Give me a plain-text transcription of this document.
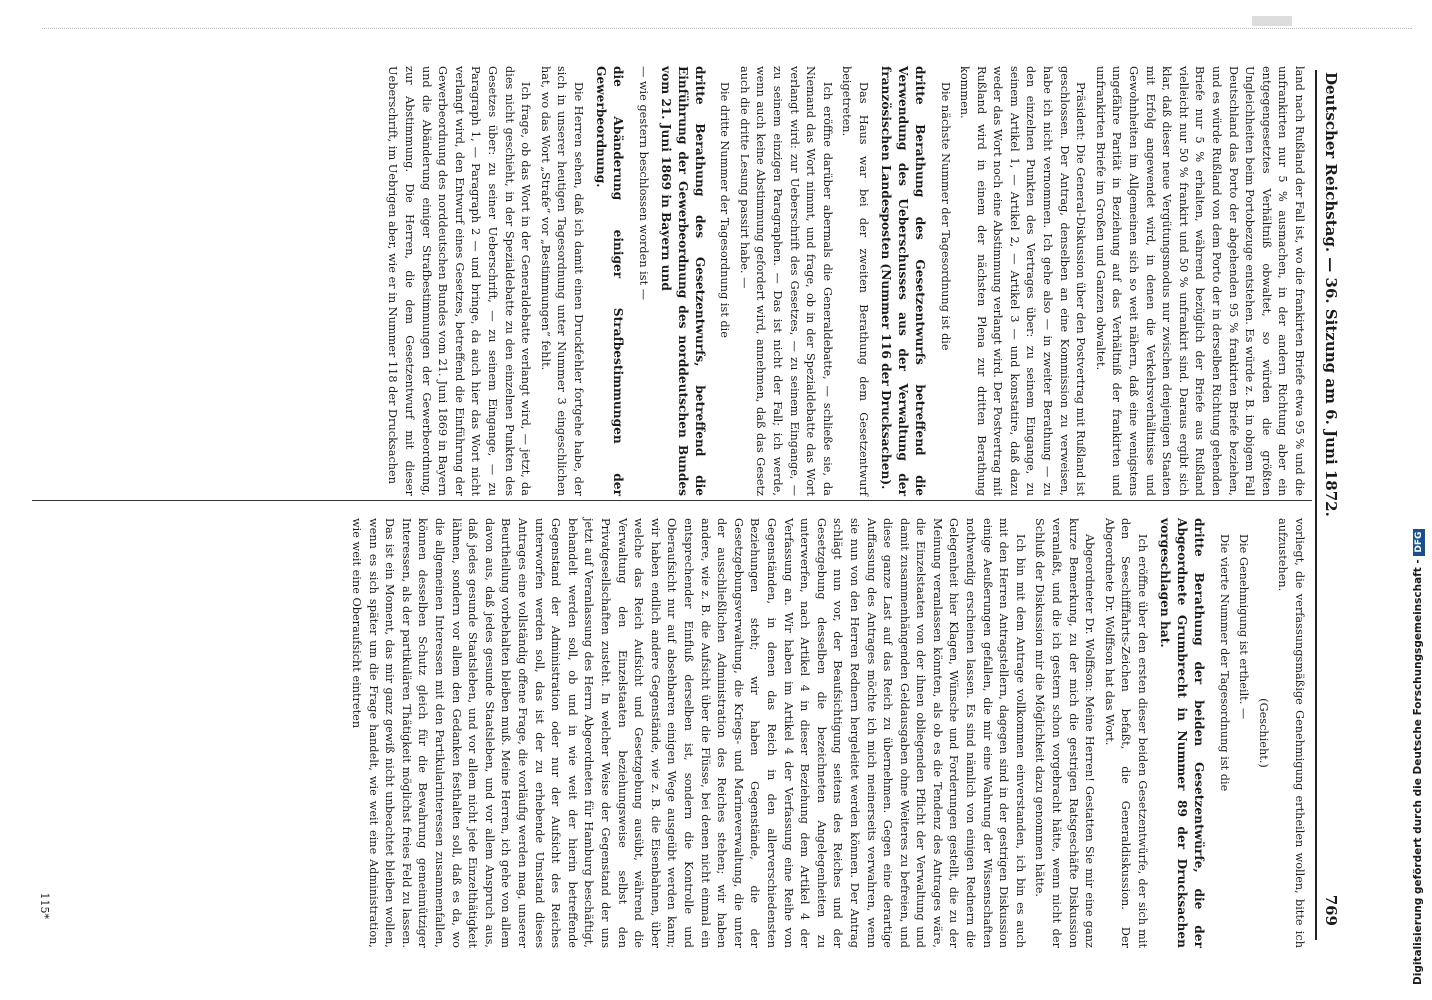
Deutscher Reichstag. — 36. Sitzung am 6. Juni 1872.
769

land nach Rußland der Fall ist, wo die frankirten Briefe etwa 95 % und die unfrankirten nur 5 % ausmachen, in der andern Richtung aber ein entgegengesetztes Verhältniß obwaltet, so würden die größten Ungleichheiten beim Portobezuge entstehen. Es würde z. B. in obigem Fall Deutschland das Porto der abgehenden 95 % frankirten Briefe beziehen, und es würde Rußland von dem Porto der in derselben Richtung gehenden Briefe nur 5 % erhalten, während bezüglich der Briefe aus Rußland vielleicht nur 50 % frankirt und 50 % unfrankirt sind. Daraus ergibt sich klar, daß dieser neue Vergütungsmodus nur zwischen denjenigen Staaten mit Erfolg angewendet wird, in denen die Verkehrsverhältnisse und Gewohnheiten im Allgemeinen sich so weit nähern, daß eine wenigstens ungefähre Parität in Beziehung auf das Verhältniß der frankirten und unfrankirten Briefe im Großen und Ganzen obwaltet.

Präsident: Die General-Diskussion über den Postvertrag mit Rußland ist geschlossen. Der Antrag, denselben an eine Kommission zu verweisen, habe ich nicht vernommen. Ich gehe also — in zweiter Berathung — zu den einzelnen Punkten des Vertrages über: zu seinem Eingange, zu seinem Artikel 1, — Artikel 2, — Artikel 3 — und konstatire, daß dazu weder das Wort noch eine Abstimmung verlangt wird. Der Postvertrag mit Rußland wird in einem der nächsten Plena zur dritten Berathung kommen.

Die nächste Nummer der Tagesordnung ist die

dritte Berathung des Gesetzentwurfs betreffend die Verwendung des Ueberschusses aus der Verwaltung der französischen Landesposten (Nummer 116 der Drucksachen).

Das Haus war bei der zweiten Berathung dem Gesetzentwurf beigetreten.

Ich eröffne darüber abermals die Generaldebatte, — schließe sie, da Niemand das Wort nimmt, und frage, ob in der Spezialdebatte das Wort verlangt wird: zur Ueberschrift des Gesetzes, — zu seinem Eingange, — zu seinem einzigen Paragraphen. — Das ist nicht der Fall; ich werde, wenn auch keine Abstimmung gefordert wird, annehmen, daß das Gesetz auch die dritte Lesung passirt habe. —

Die dritte Nummer der Tagesordnung ist die

dritte Berathung des Gesetzentwurfs, betreffend die Einführung der Gewerbeordnung des norddeutschen Bundes vom 21. Juni 1869 in Bayern und

— wie gestern beschlossen worden ist —

die Abänderung einiger Strafbestimmungen der Gewerbeordnung.

Die Herren sehen, daß ich damit einen Druckfehler fortgehe habe, der sich in unserer heutigen Tagesordnung unter Nummer 3 eingeschlichen hat, wo das Wort „Strafe“ vor „Bestimmungen“ fehlt.

Ich frage, ob das Wort in der Generaldebatte verlangt wird, — jetzt, da dies nicht geschieht, in der Spezialdebatte zu den einzelnen Punkten des Gesetzes über: zu seiner Ueberschrift, — zu seinem Eingange, — zu Paragraph 1, — Paragraph 2 — und bringe, da auch hier das Wort nicht verlangt wird, den Entwurf eines Gesetzes, betreffend die Einführung der Gewerbeordnung des norddeutschen Bundes vom 21. Juni 1869 in Bayern und die Abänderung einiger Strafbestimmungen der Gewerbeordnung, zur Abstimmung. Die Herren, die dem Gesetzentwurf mit dieser Ueberschrift, im Uebrigen aber, wie er in Nummer 118 der Drucksachen

vorliegt, die verfassungsmäßige Genehmigung ertheilen wollen, bitte ich aufzustehen.

(Geschieht.)

Die Genehmigung ist ertheilt. —

Die vierte Nummer der Tagesordnung ist die

dritte Berathung der beiden Gesetzentwürfe, die der Abgeordnete Grumbrecht in Nummer 89 der Drucksachen vorgeschlagen hat.

Ich eröffne über den ersten dieser beiden Gesetzentwürfe, der sich mit den Seeschifffahrts-Zeichen befaßt, die Generaldiskussion. Der Abgeordnete Dr. Wolffson hat das Wort.

Abgeordneter Dr. Wolffson: Meine Herren! Gestatten Sie mir eine ganz kurze Bemerkung, zu der mich die gestrigen Ratsgeschäfte Diskussion veranlaßt, und die ich gestern schon vorgebracht hätte, wenn nicht der Schluß der Diskussion mir die Möglichkeit dazu genommen hätte.

Ich bin mit dem Antrage vollkommen einverstanden, ich bin es auch mit den Herren Antragstellern, dagegen sind in der gestrigen Diskussion einige Aeußerungen gefallen, die mir eine Wahrung der Wissenschaften nothwendig erscheinen lassen. Es sind nämlich von einigen Rednern die Gelegenheit hier Klagen, Wünsche und Forderungen gestellt, die zu der Meinung veranlassen könnten, als ob es die Tendenz des Antrages wäre, die Einzelstaaten von der ihnen obliegenden Pflicht der Verwaltung und damit zusammenhängenden Geldausgaben ohne Weiteres zu befreien, und diese ganze Last auf das Reich zu übernehmen. Gegen eine derartige Auffassung des Antrages möchte ich mich meinerseits verwahren, wenn sie nun von den Herren Rednern hergeleitet werden können. Der Antrag schlägt nun vor, der Beaufsichtigung seitens des Reiches und der Gesetzgebung desselben die bezeichneten Angelegenheiten zu unterwerfen, nach Artikel 4 in dieser Beziehung dem Artikel 4 der Verfassung an. Wir haben im Artikel 4 der Verfassung eine Reihe von Gegenständen, in denen das Reich in den allerverschiedensten Beziehungen steht; wir haben Gegenstände, die der Gesetzgebungsverwaltung, die Kriegs- und Marineverwaltung, die unter der ausschließlichen Administration des Reiches stehen; wir haben andere, wie z. B. die Aufsicht über die Flüsse, bei denen nicht einmal ein entsprechender Einfluß derselben ist, sondern die Kontrolle und Oberaufsicht nur auf absehbaren einigen Wege ausgeübt werden kann; wir haben endlich andere Gegenstände, wie z. B. die Eisenbahnen, über welche das Reich Aufsicht und Gesetzgebung ausübt, während die Verwaltung den Einzelstaaten beziehungsweise selbst den Privatgesellschaften zusteht. In welcher Weise der Gegenstand der uns jetzt auf Veranlassung des Herrn Abgeordneten für Hamburg beschäftigt, behandelt werden soll, ob und in wie weit der hierin betreffende Gegenstand der Administration oder nur der Aufsicht des Reiches unterworfen werden soll, das ist der zu erhebende Umstand dieses Antrages eine vollständig offene Frage, die vorläufig werden mag, unserer Beurtheilung vorbehalten bleiben muß. Meine Herren, ich gehe von allem davon aus, daß jedes gesunde Staatsleben, und vor allem Anspruch aus, daß jedes gesunde Staatsleben, und vor allem nicht jede Einzelthätigkeit lähmen, sondern vor allem den Gedanken festhalten soll, daß es da, wo die allgemeinen Interessen mit den Partikularinteressen zusammenfallen, können desselben Schutz gleich für die Bewahrung gemeinnütziger Interessen, als der partikulären Thätigkeit möglichst freies Feld zu lassen. Das ist ein Moment, das mir ganz gewiß nicht unbeachtet bleiben wollen, wenn es sich später um die Frage handelt, wie weit eine Administration, wie weit eine Oberaufsicht eintreten

115*	Digitalisierung gefördert durch die Deutsche Forschungsgemeinschaft - DFG
